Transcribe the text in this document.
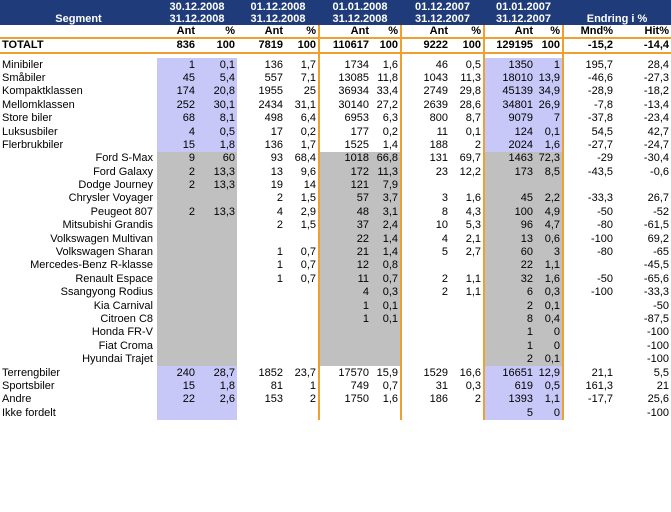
Segment	30.12.2008		01.12.2008		01.01.2008		01.12.2007		01.01.2007		Endring i %	
	31.12.2008		31.12.2008		31.12.2008		31.12.2007		31.12.2007			
	Ant	%	Ant	%	Ant	%	Ant	%	Ant	%	Mnd%	Hit%
TOTALT	836	100	7819	100	110617	100	9222	100	129195	100	-15,2	-14,4

Minibiler	1	0,1	136	1,7	1734	1,6	46	0,5	1350	1	195,7	28,4
Småbiler	45	5,4	557	7,1	13085	11,8	1043	11,3	18010	13,9	-46,6	-27,3
Kompaktklassen	174	20,8	1955	25	36934	33,4	2749	29,8	45139	34,9	-28,9	-18,2
Mellomklassen	252	30,1	2434	31,1	30140	27,2	2639	28,6	34801	26,9	-7,8	-13,4
Store biler	68	8,1	498	6,4	6953	6,3	800	8,7	9079	7	-37,8	-23,4
Luksusbiler	4	0,5	17	0,2	177	0,2	11	0,1	124	0,1	54,5	42,7
Flerbrukbiler	15	1,8	136	1,7	1525	1,4	188	2	2024	1,6	-27,7	-24,7
Ford S-Max	9	60	93	68,4	1018	66,8	131	69,7	1463	72,3	-29	-30,4
Ford Galaxy	2	13,3	13	9,6	172	11,3	23	12,2	173	8,5	-43,5	-0,6
Dodge Journey	2	13,3	19	14	121	7,9						
Chrysler Voyager			2	1,5	57	3,7	3	1,6	45	2,2	-33,3	26,7
Peugeot 807	2	13,3	4	2,9	48	3,1	8	4,3	100	4,9	-50	-52
Mitsubishi Grandis			2	1,5	37	2,4	10	5,3	96	4,7	-80	-61,5
Volkswagen Multivan					22	1,4	4	2,1	13	0,6	-100	69,2
Volkswagen Sharan			1	0,7	21	1,4	5	2,7	60	3	-80	-65
Mercedes-Benz R-klasse			1	0,7	12	0,8			22	1,1		-45,5
Renault Espace			1	0,7	11	0,7	2	1,1	32	1,6	-50	-65,6
Ssangyong Rodius					4	0,3	2	1,1	6	0,3	-100	-33,3
Kia Carnival					1	0,1			2	0,1		-50
Citroen C8					1	0,1			8	0,4		-87,5
Honda FR-V									1	0		-100
Fiat Croma									1	0		-100
Hyundai Trajet									2	0,1		-100
Terrengbiler	240	28,7	1852	23,7	17570	15,9	1529	16,6	16651	12,9	21,1	5,5
Sportsbiler	15	1,8	81	1	749	0,7	31	0,3	619	0,5	161,3	21
Andre	22	2,6	153	2	1750	1,6	186	2	1393	1,1	-17,7	25,6
Ikke fordelt									5	0		-100
